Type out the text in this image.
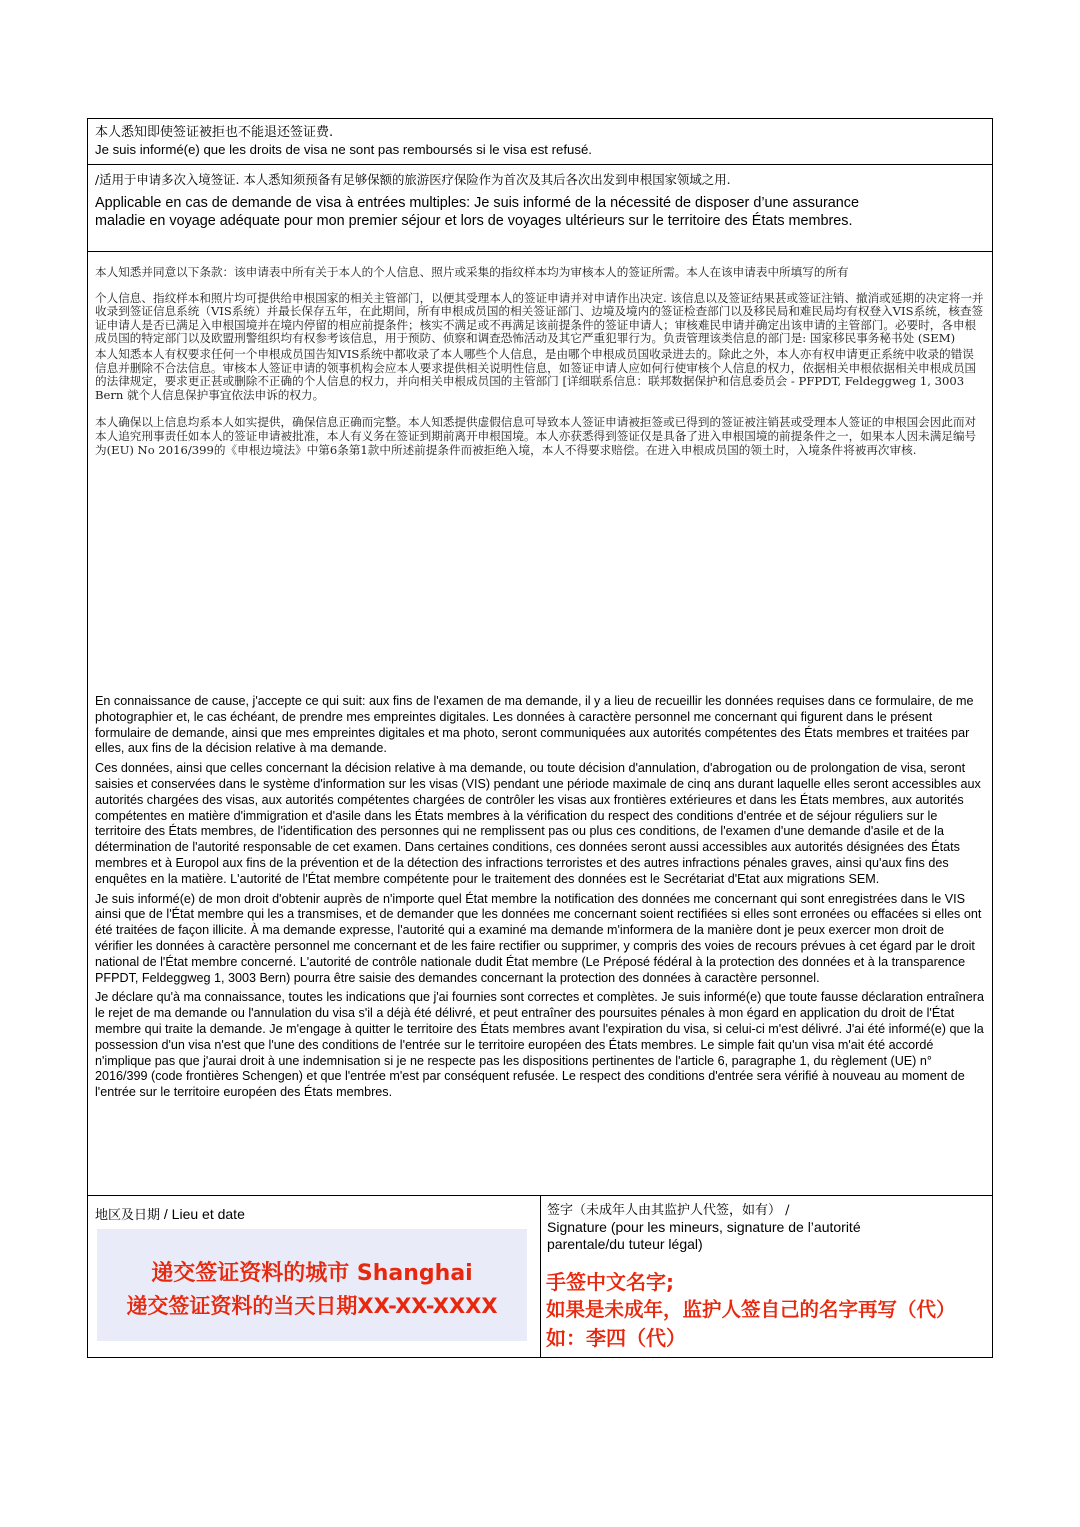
本人悉知即使签证被拒也不能退还签证费.

Je suis informé(e) que les droits de visa ne sont pas remboursés si le visa est refusé.

/适用于申请多次入境签证. 本人悉知须预备有足够保额的旅游医疗保险作为首次及其后各次出发到申根国家领域之用.

Applicable en cas de demande de visa à entrées multiples: Je suis informé de la nécessité de disposer d’une assurance

maladie en voyage adéquate pour mon premier séjour et lors de voyages ultérieurs sur le territoire des États membres.

本人知悉并同意以下条款：该申请表中所有关于本人的个人信息、照片或采集的指纹样本均为审核本人的签证所需。本人在该申请表中所填写的所有

个人信息、指纹样本和照片均可提供给申根国家的相关主管部门，以便其受理本人的签证申请并对申请作出决定. 该信息以及签证结果甚或签证注销、撤消或延期的决定将一并收录到签证信息系统（VIS系统）并最长保存五年，在此期间，所有申根成员国的相关签证部门、边境及境内的签证检查部门以及移民局和难民局均有权登入VIS系统，核查签证申请人是否已满足入申根国境并在境内停留的相应前提条件；核实不满足或不再满足该前提条件的签证申请人；审核难民申请并确定出该申请的主管部门。必要时，各申根成员国的特定部门以及欧盟刑警组织均有权参考该信息，用于预防、侦察和调查恐怖活动及其它严重犯罪行为。负责管理该类信息的部门是: 国家移民事务秘书处 (SEM)

本人知悉本人有权要求任何一个申根成员国告知VIS系统中都收录了本人哪些个人信息，是由哪个申根成员国收录进去的。除此之外，本人亦有权申请更正系统中收录的错误信息并删除不合法信息。审核本人签证申请的领事机构会应本人要求提供相关说明性信息，如签证申请人应如何行使审核个人信息的权力，依据相关申根依据相关申根成员国的法律规定，要求更正甚或删除不正确的个人信息的权力，并向相关申根成员国的主管部门 [详细联系信息：联邦数据保护和信息委员会 - PFPDT, Feldeggweg 1, 3003 Bern 就个人信息保护事宜依法申诉的权力。

本人确保以上信息均系本人如实提供，确保信息正确而完整。本人知悉提供虚假信息可导致本人签证申请被拒签或已得到的签证被注销甚或受理本人签证的申根国会因此而对本人追究刑事责任如本人的签证申请被批准，本人有义务在签证到期前离开申根国境。本人亦获悉得到签证仅是具备了进入申根国境的前提条件之一，如果本人因未满足编号为(EU) No 2016/399的《申根边境法》中第6条第1款中所述前提条件而被拒绝入境，本人不得要求赔偿。在进入申根成员国的领土时，入境条件将被再次审核.

En connaissance de cause, j'accepte ce qui suit: aux fins de l'examen de ma demande, il y a lieu de recueillir les données requises dans ce formulaire, de me photographier et, le cas échéant, de prendre mes empreintes digitales. Les données à caractère personnel me concernant qui figurent dans le présent formulaire de demande, ainsi que mes empreintes digitales et ma photo, seront communiquées aux autorités compétentes des États membres et traitées par elles, aux fins de la décision relative à ma demande.

Ces données, ainsi que celles concernant la décision relative à ma demande, ou toute décision d'annulation, d'abrogation ou de prolongation de visa, seront saisies et conservées dans le système d'information sur les visas (VIS) pendant une période maximale de cinq ans durant laquelle elles seront accessibles aux autorités chargées des visas, aux autorités compétentes chargées de contrôler les visas aux frontières extérieures et dans les États membres, aux autorités compétentes en matière d'immigration et d'asile dans les États membres à la vérification du respect des conditions d'entrée et de séjour réguliers sur le territoire des États membres, de l'identification des personnes qui ne remplissent pas ou plus ces conditions, de l'examen d'une demande d'asile et de la détermination de l'autorité responsable de cet examen. Dans certaines conditions, ces données seront aussi accessibles aux autorités désignées des États membres et à Europol aux fins de la prévention et de la détection des infractions terroristes et des autres infractions pénales graves, ainsi qu'aux fins des enquêtes en la matière. L'autorité de l'État membre compétente pour le traitement des données est le Secrétariat d'Etat aux migrations SEM.

Je suis informé(e) de mon droit d'obtenir auprès de n'importe quel État membre la notification des données me concernant qui sont enregistrées dans le VIS ainsi que de l'État membre qui les a transmises, et de demander que les données me concernant soient rectifiées si elles sont erronées ou effacées si elles ont été traitées de façon illicite. À ma demande expresse, l'autorité qui a examiné ma demande m'informera de la manière dont je peux exercer mon droit de vérifier les données à caractère personnel me concernant et de les faire rectifier ou supprimer, y compris des voies de recours prévues à cet égard par le droit national de l'État membre concerné. L'autorité de contrôle nationale dudit État membre (Le Préposé fédéral à la protection des données et à la transparence PFPDT, Feldeggweg 1, 3003 Bern) pourra être saisie des demandes concernant la protection des données à caractère personnel.

Je déclare qu'à ma connaissance, toutes les indications que j'ai fournies sont correctes et complètes. Je suis informé(e) que toute fausse déclaration entraînera le rejet de ma demande ou l'annulation du visa s'il a déjà été délivré, et peut entraîner des poursuites pénales à mon égard en application du droit de l'État membre qui traite la demande. Je m'engage à quitter le territoire des États membres avant l'expiration du visa, si celui-ci m'est délivré. J'ai été informé(e) que la possession d'un visa n'est que l'une des conditions de l'entrée sur le territoire européen des États membres. Le simple fait qu'un visa m'ait été accordé n'implique pas que j'aurai droit à une indemnisation si je ne respecte pas les dispositions pertinentes de l'article 6, paragraphe 1, du règlement (UE) n° 2016/399 (code frontières Schengen) et que l'entrée m'est par conséquent refusée. Le respect des conditions d'entrée sera vérifié à nouveau au moment de l'entrée sur le territoire européen des États membres.

地区及日期 / Lieu et date
递交签证资料的城市 Shanghai
递交签证资料的当天日期XX-XX-XXXX

签字（未成年人由其监护人代签，如有） /

Signature (pour les mineurs, signature de l’autorité

parentale/du tuteur légal)

手签中文名字;

如果是未成年，监护人签自己的名字再写（代）

如：李四（代）
